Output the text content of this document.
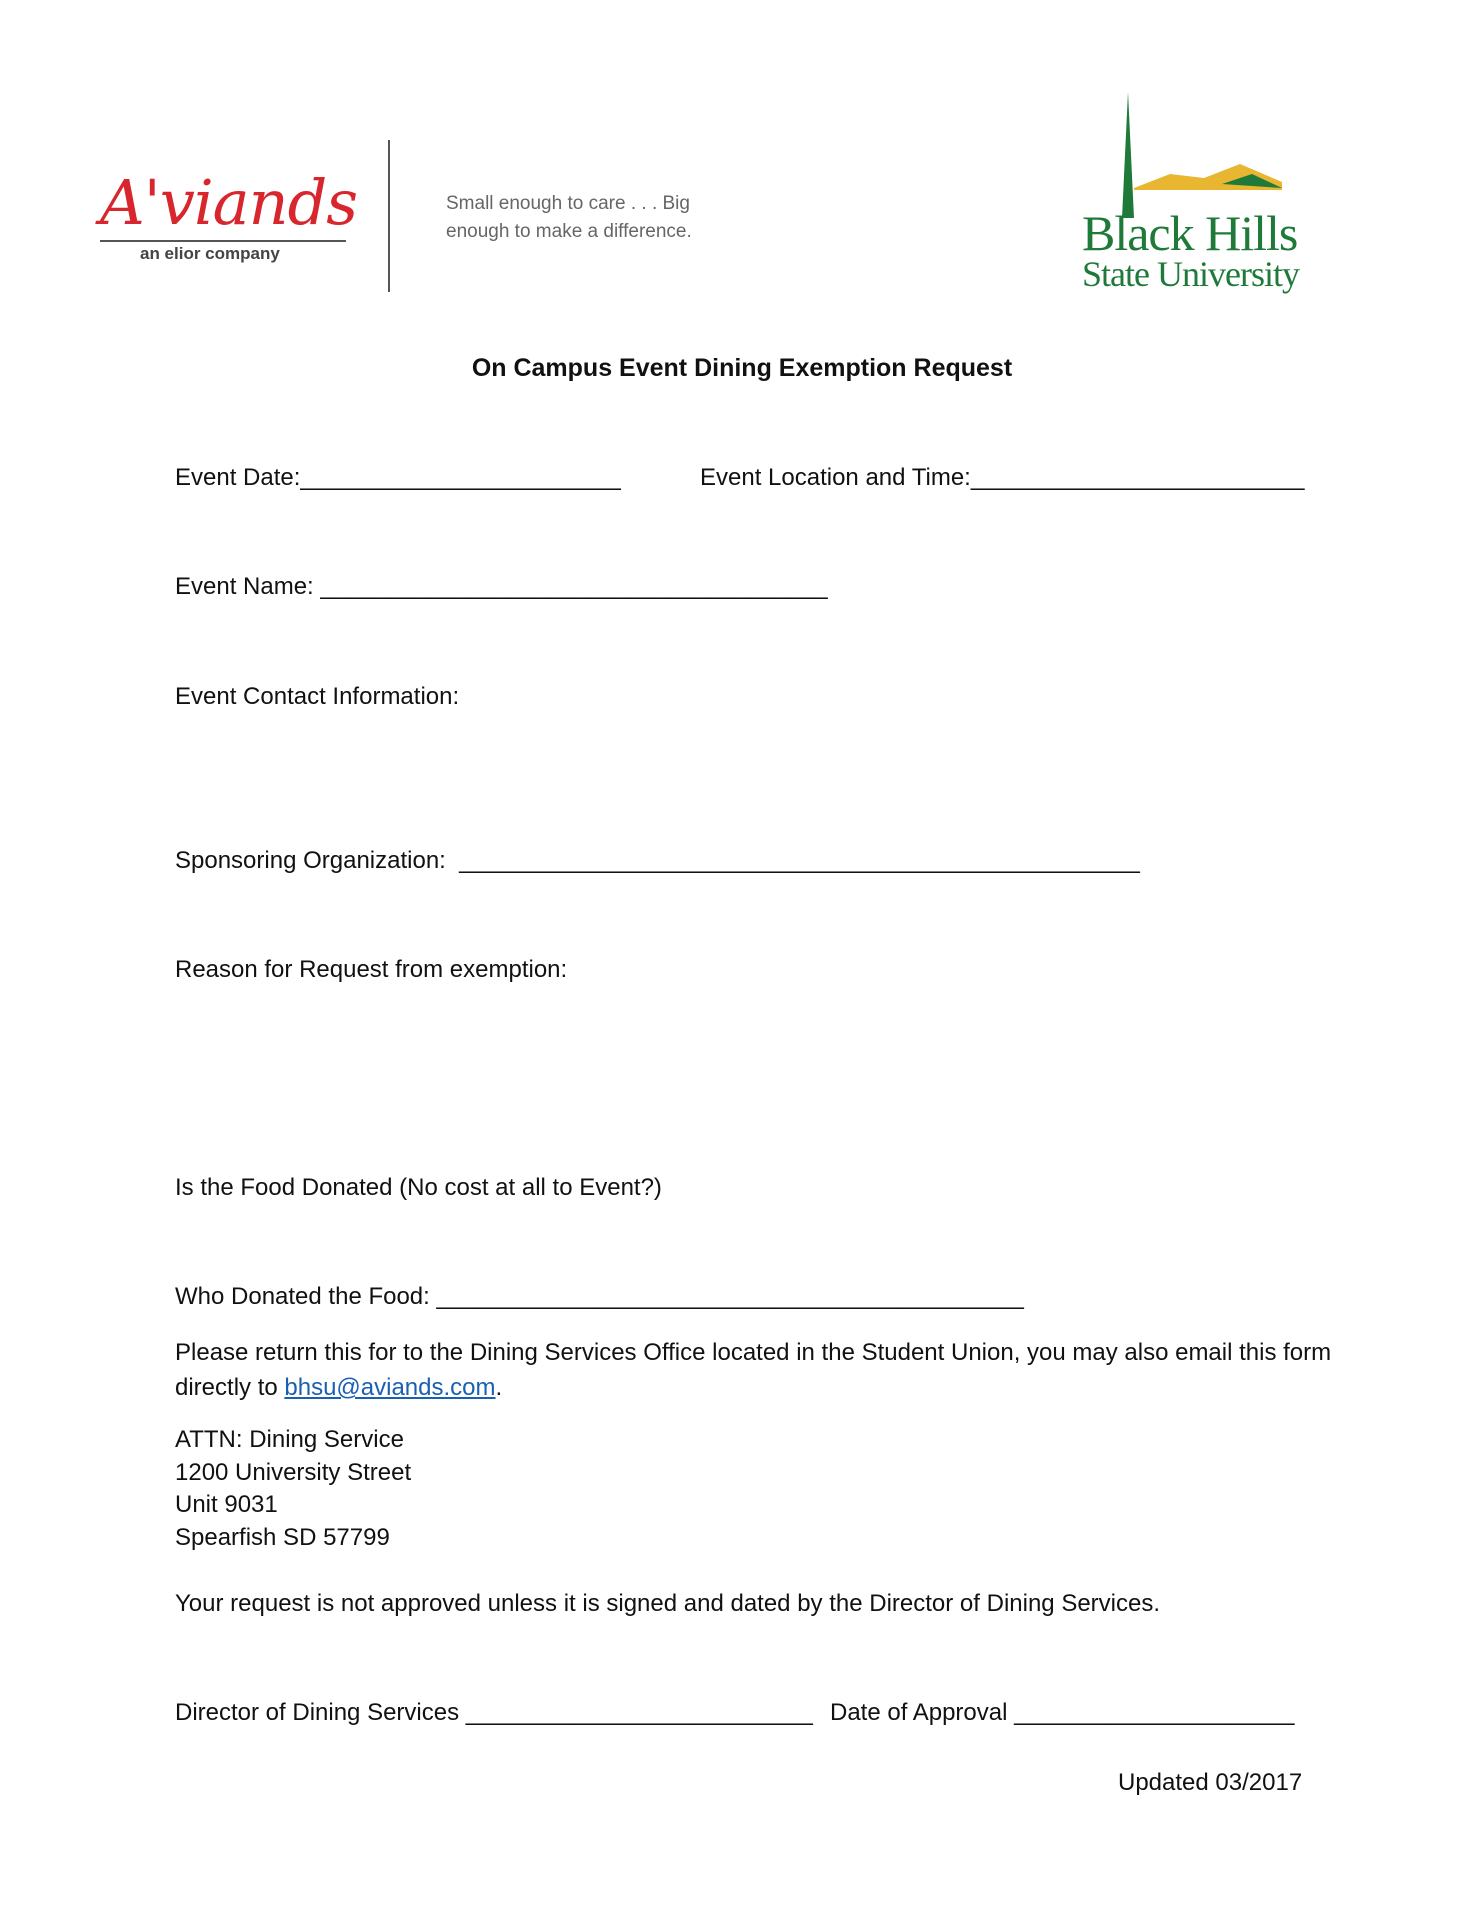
A'viands
an elior company
Small enough to care . . . Big
enough to make a difference.	Black Hills
State University
On Campus Event Dining Exemption Request
Event Date:________________________	Event Location and Time:_________________________
Event Name: ______________________________________
Event Contact Information:
Sponsoring Organization:  ___________________________________________________
Reason for Request from exemption:
Is the Food Donated (No cost at all to Event?)
Who Donated the Food: ____________________________________________
Please return this for to the Dining Services Office located in the Student Union, you may also email this form directly to bhsu@aviands.com.
ATTN: Dining Service
1200 University Street
Unit 9031
Spearfish SD 57799
Your request is not approved unless it is signed and dated by the Director of Dining Services.
Director of Dining Services __________________________ Date of Approval _____________________
Updated 03/2017
